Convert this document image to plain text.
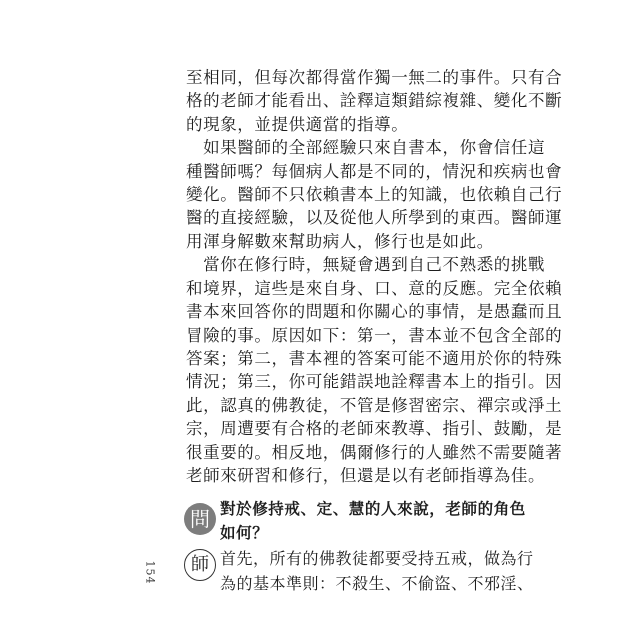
至相同，但每次都得當作獨一無二的事件。只有合
格的老師才能看出、詮釋這類錯綜複雜、變化不斷
的現象，並提供適當的指導。
　如果醫師的全部經驗只來自書本，你會信任這
種醫師嗎？每個病人都是不同的，情況和疾病也會
變化。醫師不只依賴書本上的知識，也依賴自己行
醫的直接經驗，以及從他人所學到的東西。醫師運
用渾身解數來幫助病人，修行也是如此。
　當你在修行時，無疑會遇到自己不熟悉的挑戰
和境界，這些是來自身、口、意的反應。完全依賴
書本來回答你的問題和你關心的事情，是愚蠢而且
冒險的事。原因如下：第一，書本並不包含全部的
答案；第二，書本裡的答案可能不適用於你的特殊
情況；第三，你可能錯誤地詮釋書本上的指引。因
此，認真的佛教徒，不管是修習密宗、禪宗或淨土
宗，周遭要有合格的老師來教導、指引、鼓勵，是
很重要的。相反地，偶爾修行的人雖然不需要隨著
老師來研習和修行，但還是以有老師指導為佳。
問 對於修持戒、定、慧的人來說，老師的角色
如何？
師 首先，所有的佛教徒都要受持五戒，做為行
為的基本準則：不殺生、不偷盜、不邪淫、
154
